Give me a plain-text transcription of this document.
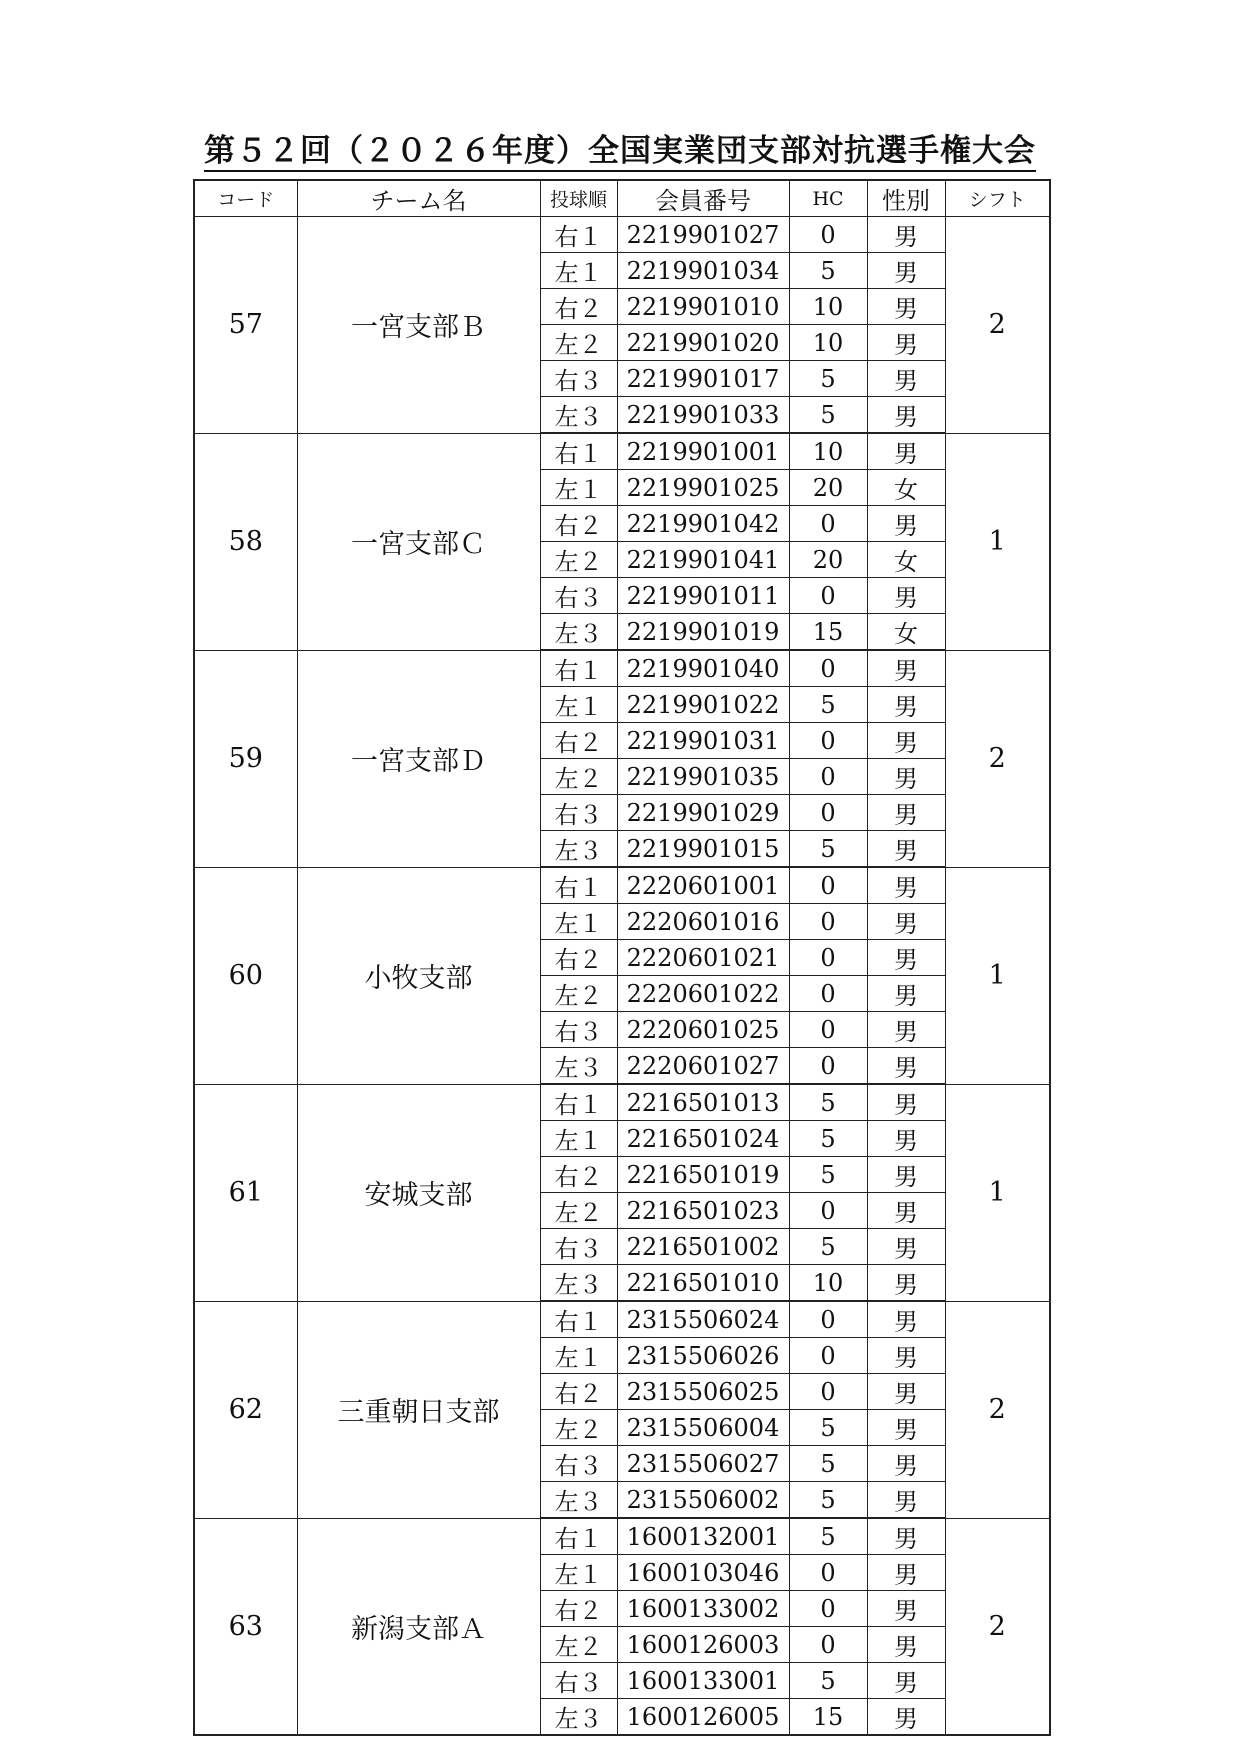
第５２回（２０２６年度）全国実業団支部対抗選手権大会
コード	チーム名	投球順	会員番号	HC	性別	シフト
57	一宮支部Ｂ	右１	2219901027	0	男	2
		左１	2219901034	5	男	
		右２	2219901010	10	男	
		左２	2219901020	10	男	
		右３	2219901017	5	男	
		左３	2219901033	5	男	
58	一宮支部Ｃ	右１	2219901001	10	男	1
		左１	2219901025	20	女	
		右２	2219901042	0	男	
		左２	2219901041	20	女	
		右３	2219901011	0	男	
		左３	2219901019	15	女	
59	一宮支部Ｄ	右１	2219901040	0	男	2
		左１	2219901022	5	男	
		右２	2219901031	0	男	
		左２	2219901035	0	男	
		右３	2219901029	0	男	
		左３	2219901015	5	男	
60	小牧支部	右１	2220601001	0	男	1
		左１	2220601016	0	男	
		右２	2220601021	0	男	
		左２	2220601022	0	男	
		右３	2220601025	0	男	
		左３	2220601027	0	男	
61	安城支部	右１	2216501013	5	男	1
		左１	2216501024	5	男	
		右２	2216501019	5	男	
		左２	2216501023	0	男	
		右３	2216501002	5	男	
		左３	2216501010	10	男	
62	三重朝日支部	右１	2315506024	0	男	2
		左１	2315506026	0	男	
		右２	2315506025	0	男	
		左２	2315506004	5	男	
		右３	2315506027	5	男	
		左３	2315506002	5	男	
63	新潟支部Ａ	右１	1600132001	5	男	2
		左１	1600103046	0	男	
		右２	1600133002	0	男	
		左２	1600126003	0	男	
		右３	1600133001	5	男	
		左３	1600126005	15	男	
